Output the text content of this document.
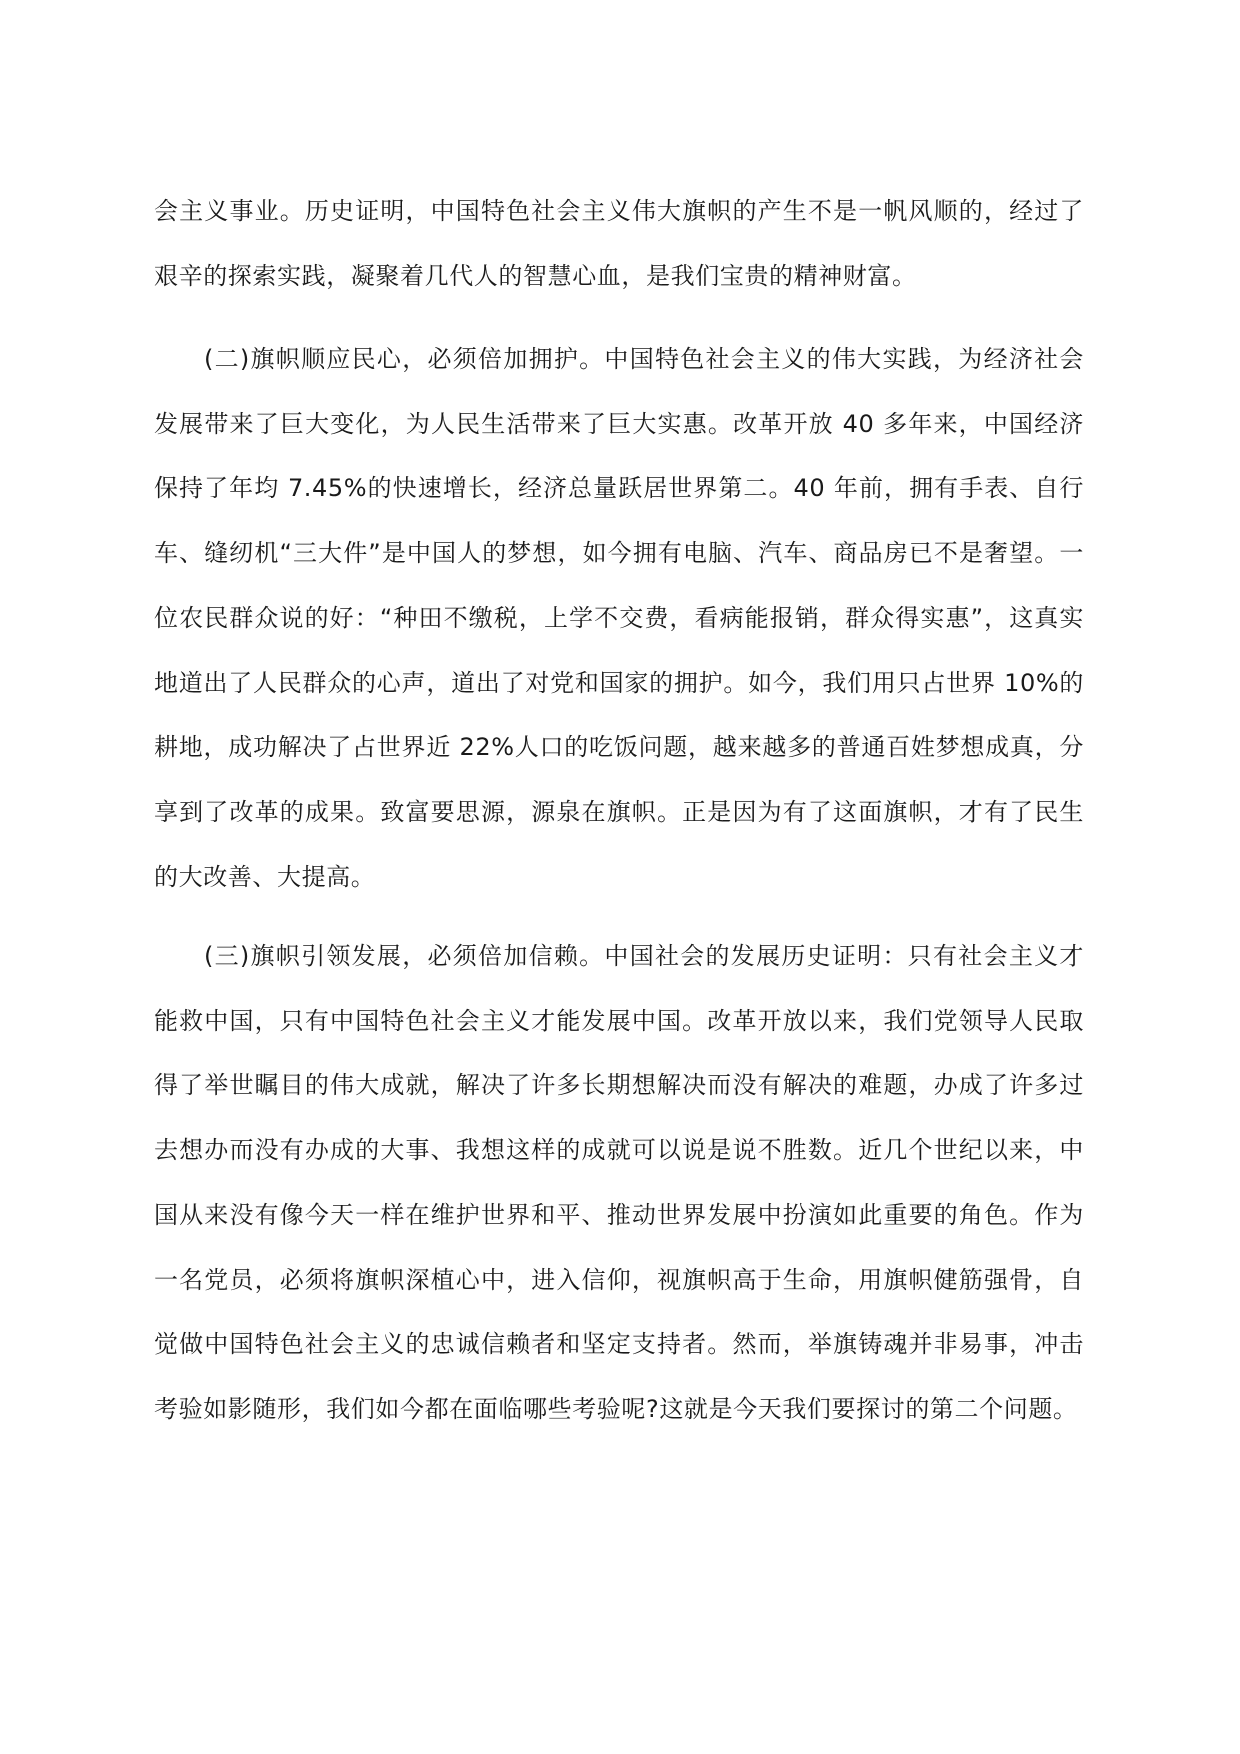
会主义事业。历史证明，中国特色社会主义伟大旗帜的产生不是一帆风顺的，经过了艰辛的探索实践，凝聚着几代人的智慧心血，是我们宝贵的精神财富。

(二)旗帜顺应民心，必须倍加拥护。中国特色社会主义的伟大实践，为经济社会发展带来了巨大变化，为人民生活带来了巨大实惠。改革开放 40 多年来，中国经济保持了年均 7.45%的快速增长，经济总量跃居世界第二。40 年前，拥有手表、自行车、缝纫机“三大件”是中国人的梦想，如今拥有电脑、汽车、商品房已不是奢望。一位农民群众说的好：“种田不缴税，上学不交费，看病能报销，群众得实惠”，这真实地道出了人民群众的心声，道出了对党和国家的拥护。如今，我们用只占世界 10%的耕地，成功解决了占世界近 22%人口的吃饭问题，越来越多的普通百姓梦想成真，分享到了改革的成果。致富要思源，源泉在旗帜。正是因为有了这面旗帜，才有了民生的大改善、大提高。

(三)旗帜引领发展，必须倍加信赖。中国社会的发展历史证明：只有社会主义才能救中国，只有中国特色社会主义才能发展中国。改革开放以来，我们党领导人民取得了举世瞩目的伟大成就，解决了许多长期想解决而没有解决的难题，办成了许多过去想办而没有办成的大事、我想这样的成就可以说是说不胜数。近几个世纪以来，中国从来没有像今天一样在维护世界和平、推动世界发展中扮演如此重要的角色。作为一名党员，必须将旗帜深植心中，进入信仰，视旗帜高于生命，用旗帜健筋强骨，自觉做中国特色社会主义的忠诚信赖者和坚定支持者。然而，举旗铸魂并非易事，冲击考验如影随形，我们如今都在面临哪些考验呢?这就是今天我们要探讨的第二个问题。
